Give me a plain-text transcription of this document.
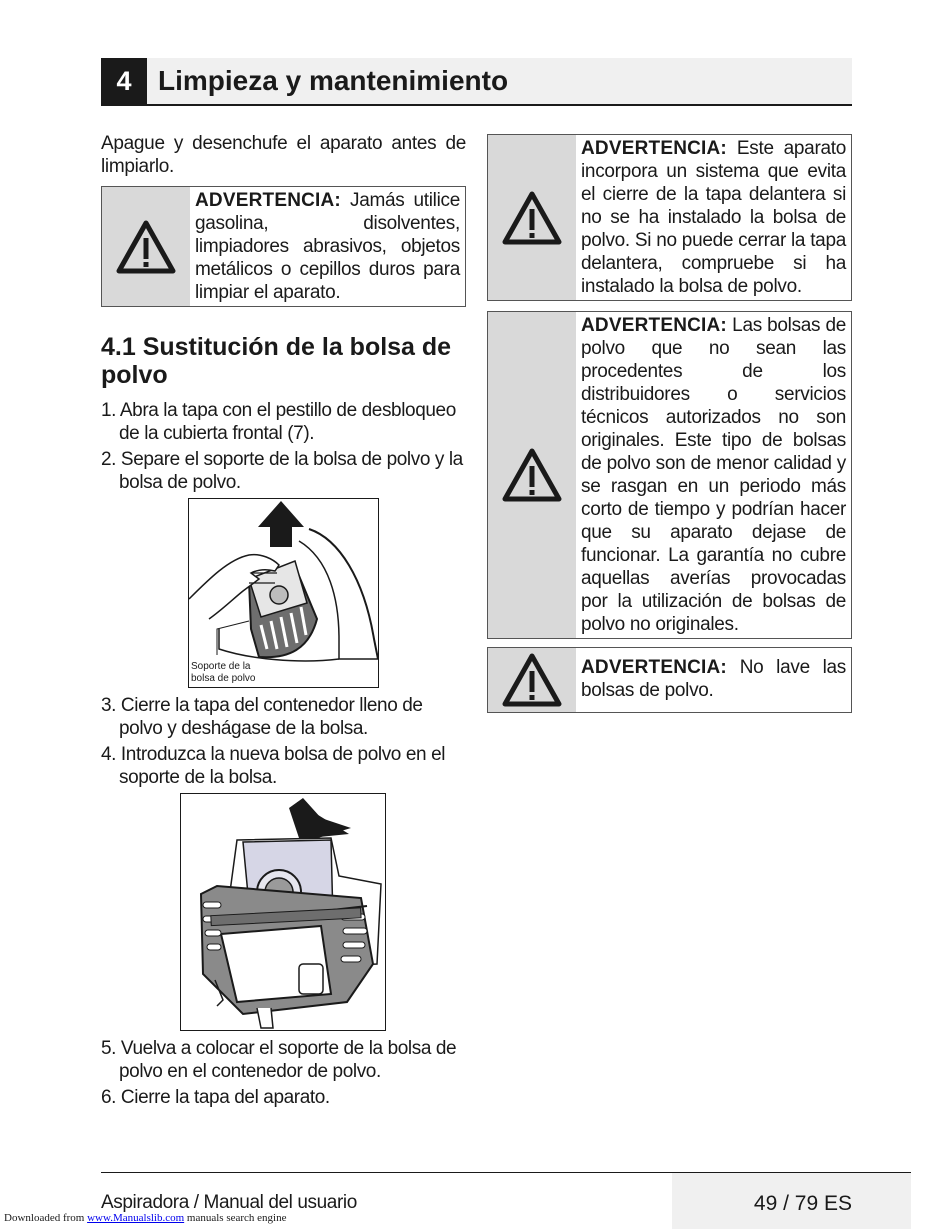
4 Limpieza y mantenimiento

Apague y desenchufe el aparato antes de limpiarlo.

ADVERTENCIA: Jamás utilice gasolina, disolventes, limpiadores abrasivos, objetos metálicos o cepillos duros para limpiar el aparato.
4.1 Sustitución de la bolsa de polvo
1. Abra la tapa con el pestillo de desbloqueo de la cubierta frontal (7).
2. Separe el soporte de la bolsa de polvo y la bolsa de polvo.
Soporte de la
bolsa de polvo
3. Cierre la tapa del contenedor lleno de polvo y deshágase de la bolsa.
4. Introduzca la nueva bolsa de polvo en el soporte de la bolsa.
5. Vuelva a colocar el soporte de la bolsa de polvo en el contenedor de polvo.
6. Cierre la tapa del aparato.
ADVERTENCIA: Este aparato incorpora un sistema que evita el cierre de la tapa delantera si no se ha instalado la bolsa de polvo. Si no puede cerrar la tapa delantera, compruebe si ha instalado la bolsa de polvo.
ADVERTENCIA: Las bolsas de polvo que no sean las procedentes de los distribuidores o servicios técnicos autorizados no son originales. Este tipo de bolsas de polvo son de menor calidad y se rasgan en un periodo más corto de tiempo y podrían hacer que su aparato dejase de funcionar. La garantía no cubre aquellas averías provocadas por la utilización de bolsas de polvo no originales.
ADVERTENCIA: No lave las bolsas de polvo.
Aspiradora / Manual del usuario	49 / 79 ES
Downloaded from www.Manualslib.com manuals search engine
